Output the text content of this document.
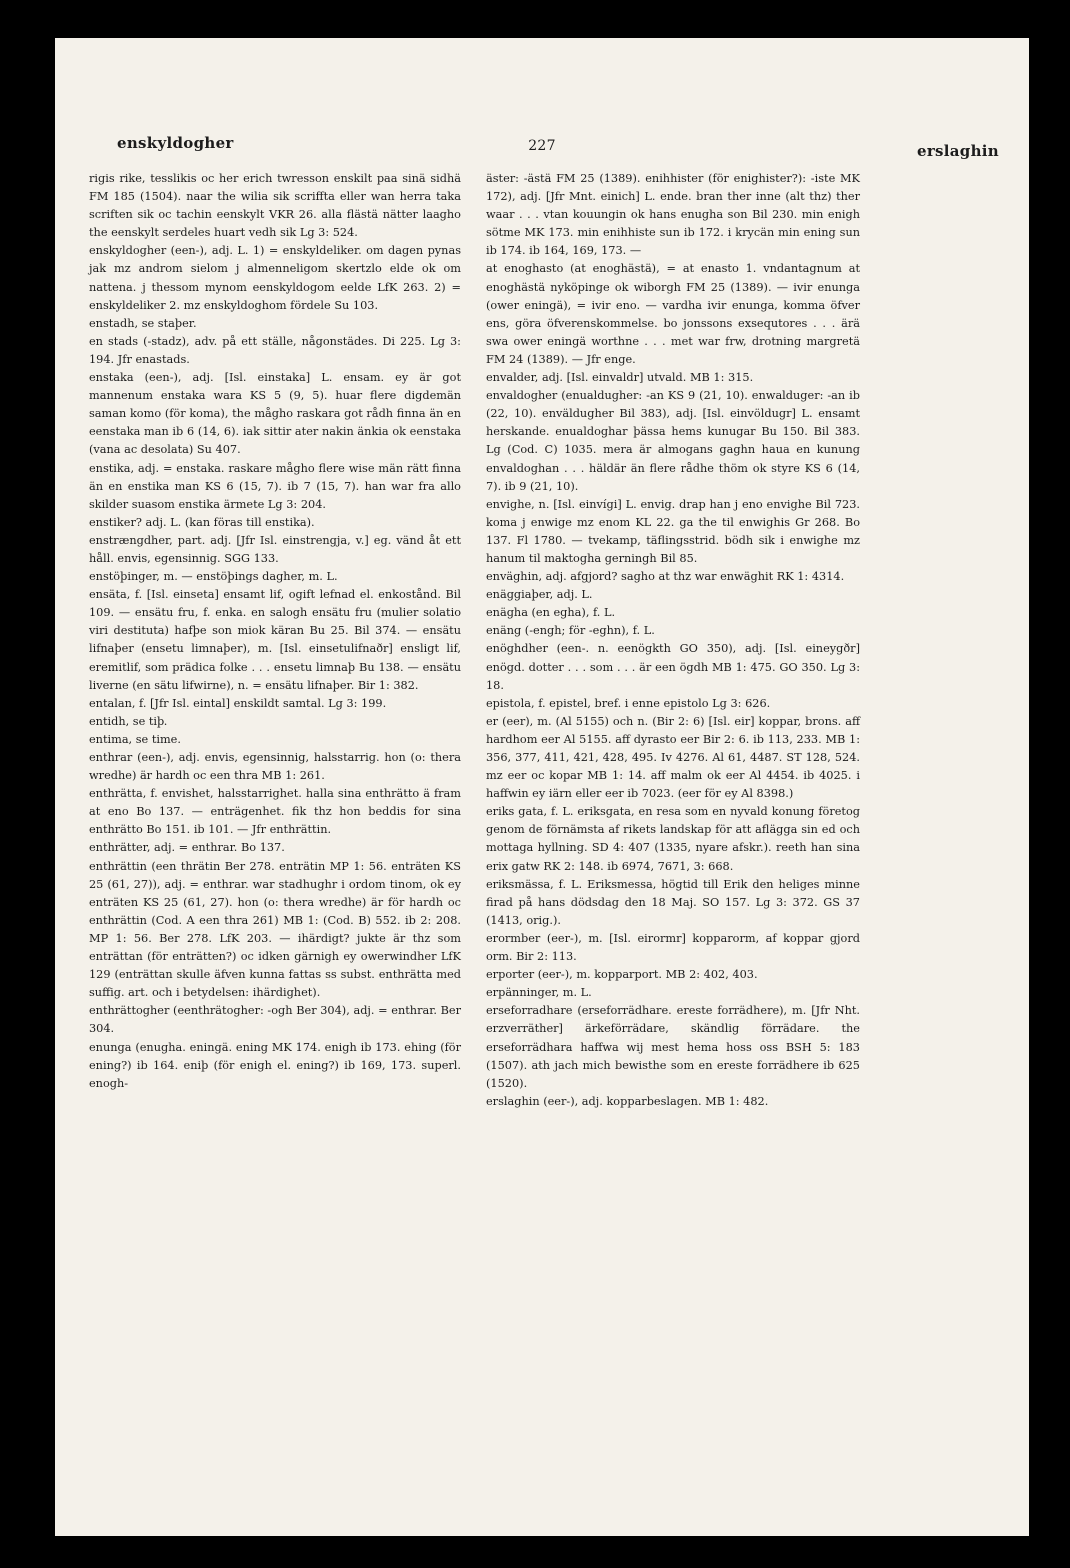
enskyldogher	227	erslaghin

rigis rike, tesslikis oc her erich twresson enskilt paa sinä sidhä FM 185 (1504). naar the wilia sik scriffta eller wan herra taka scriften sik oc tachin eenskylt VKR 26. alla flästä nätter laagho the eenskylt serdeles huart vedh sik Lg 3: 524.

enskyldogher (een-), adj. L. 1) = enskyldeliker. om dagen pynas jak mz androm sielom j almenneligom skertzlo elde ok om nattena. j thessom mynom eenskyldogom eelde LfK 263. 2) = enskyldeliker 2. mz enskyldoghom fördele Su 103.

enstadh, se staþer.

en stads (-stadz), adv. på ett ställe, någonstädes. Di 225. Lg 3: 194. Jfr enastads.

enstaka (een-), adj. [Isl. einstaka] L. ensam. ey är got mannenum enstaka wara KS 5 (9, 5). huar flere digdemän saman komo (för koma), the mågho raskara got rådh finna än en eenstaka man ib 6 (14, 6). iak sittir ater nakin änkia ok eenstaka (vana ac desolata) Su 407.

enstika, adj. = enstaka. raskare mågho flere wise män rätt finna än en enstika man KS 6 (15, 7). ib 7 (15, 7). han war fra allo skilder suasom enstika ärmete Lg 3: 204.

enstiker? adj. L. (kan föras till enstika).

enstrængdher, part. adj. [Jfr Isl. einstrengja, v.] eg. vänd åt ett håll. envis, egensinnig. SGG 133.

enstöþinger, m. — enstöþings dagher, m. L.

ensäta, f. [Isl. einseta] ensamt lif, ogift lefnad el. enkostånd. Bil 109. — ensätu fru, f. enka. en salogh ensätu fru (mulier solatio viri destituta) hafþe son miok käran Bu 25. Bil 374. — ensätu lifnaþer (ensetu limnaþer), m. [Isl. einsetulifnaðr] ensligt lif, eremitlif, som prädica folke . . . ensetu limnaþ Bu 138. — ensätu liverne (en sätu lifwirne), n. = ensätu lifnaþer. Bir 1: 382.

entalan, f. [Jfr Isl. eintal] enskildt samtal. Lg 3: 199.

entidh, se tiþ.

entima, se time.

enthrar (een-), adj. envis, egensinnig, halsstarrig. hon (o: thera wredhe) är hardh oc een thra MB 1: 261.

enthrätta, f. envishet, halsstarrighet. halla sina enthrätto ä fram at eno Bo 137. — enträgenhet. fik thz hon beddis for sina enthrätto Bo 151. ib 101. — Jfr enthrättin.

enthrätter, adj. = enthrar. Bo 137.

enthrättin (een thrätin Ber 278. enträtin MP 1: 56. enträten KS 25 (61, 27)), adj. = enthrar. war stadhughr i ordom tinom, ok ey enträten KS 25 (61, 27). hon (o: thera wredhe) är för hardh oc enthrättin (Cod. A een thra 261) MB 1: (Cod. B) 552. ib 2: 208. MP 1: 56. Ber 278. LfK 203. — ihärdigt? jukte är thz som enträttan (för enträtten?) oc idken gärnigh ey owerwindher LfK 129 (enträttan skulle äfven kunna fattas ss subst. enthrätta med suffig. art. och i betydelsen: ihärdighet).

enthrättogher (eenthrätogher: -ogh Ber 304), adj. = enthrar. Ber 304.

enunga (enugha. eningä. ening MK 174. enigh ib 173. ehing (för ening?) ib 164. eniþ (för enigh el. ening?) ib 169, 173. superl. enogh-

äster: -ästä FM 25 (1389). enihhister (för enighister?): -iste MK 172), adj. [Jfr Mnt. einich] L. ende. bran ther inne (alt thz) ther waar . . . vtan kouungin ok hans enugha son Bil 230. min enigh sötme MK 173. min enihhiste sun ib 172. i krycän min ening sun ib 174. ib 164, 169, 173. —

at enoghasto (at enoghästä), = at enasto 1. vndantagnum at enoghästä nyköpinge ok wiborgh FM 25 (1389). — ivir enunga (ower eningä), = ivir eno. — vardha ivir enunga, komma öfver ens, göra öfverenskommelse. bo jonssons exsequtores . . . ärä swa ower eningä worthne . . . met war frw, drotning margretä FM 24 (1389). — Jfr enge.

envalder, adj. [Isl. einvaldr] utvald. MB 1: 315.

envaldogher (enualdugher: -an KS 9 (21, 10). enwalduger: -an ib (22, 10). enväldugher Bil 383), adj. [Isl. einvöldugr] L. ensamt herskande. enualdoghar þässa hems kunugar Bu 150. Bil 383. Lg (Cod. C) 1035. mera är almogans gaghn haua en kunung envaldoghan . . . häldär än flere rådhe thöm ok styre KS 6 (14, 7). ib 9 (21, 10).

envighe, n. [Isl. einvígi] L. envig. drap han j eno envighe Bil 723. koma j enwige mz enom KL 22. ga the til enwighis Gr 268. Bo 137. Fl 1780. — tvekamp, täflingsstrid. bödh sik i enwighe mz hanum til maktogha gerningh Bil 85.

enväghin, adj. afgjord? sagho at thz war enwäghit RK 1: 4314.

enäggiaþer, adj. L.

enägha (en egha), f. L.

enäng (-engh; för -eghn), f. L.

enöghdher (een-. n. eenögkth GO 350), adj. [Isl. eineygðr] enögd. dotter . . . som . . . är een ögdh MB 1: 475. GO 350. Lg 3: 18.

epistola, f. epistel, bref. i enne epistolo Lg 3: 626.

er (eer), m. (Al 5155) och n. (Bir 2: 6) [Isl. eir] koppar, brons. aff hardhom eer Al 5155. aff dyrasto eer Bir 2: 6. ib 113, 233. MB 1: 356, 377, 411, 421, 428, 495. Iv 4276. Al 61, 4487. ST 128, 524. mz eer oc kopar MB 1: 14. aff malm ok eer Al 4454. ib 4025. i haffwin ey iärn eller eer ib 7023. (eer för ey Al 8398.)

eriks gata, f. L. eriksgata, en resa som en nyvald konung företog genom de förnämsta af rikets landskap för att aflägga sin ed och mottaga hyllning. SD 4: 407 (1335, nyare afskr.). reeth han sina erix gatw RK 2: 148. ib 6974, 7671, 3: 668.

eriksmässa, f. L. Eriksmessa, högtid till Erik den heliges minne firad på hans dödsdag den 18 Maj. SO 157. Lg 3: 372. GS 37 (1413, orig.).

erormber (eer-), m. [Isl. eirormr] kopparorm, af koppar gjord orm. Bir 2: 113.

erporter (eer-), m. kopparport. MB 2: 402, 403.

erpänninger, m. L.

erseforradhare (erseforrädhare. ereste forrädhere), m. [Jfr Nht. erzverräther] ärkeförrädare, skändlig förrädare. the erseforrädhara haffwa wij mest hema hoss oss BSH 5: 183 (1507). ath jach mich bewisthe som en ereste forrädhere ib 625 (1520).

erslaghin (eer-), adj. kopparbeslagen. MB 1: 482.
